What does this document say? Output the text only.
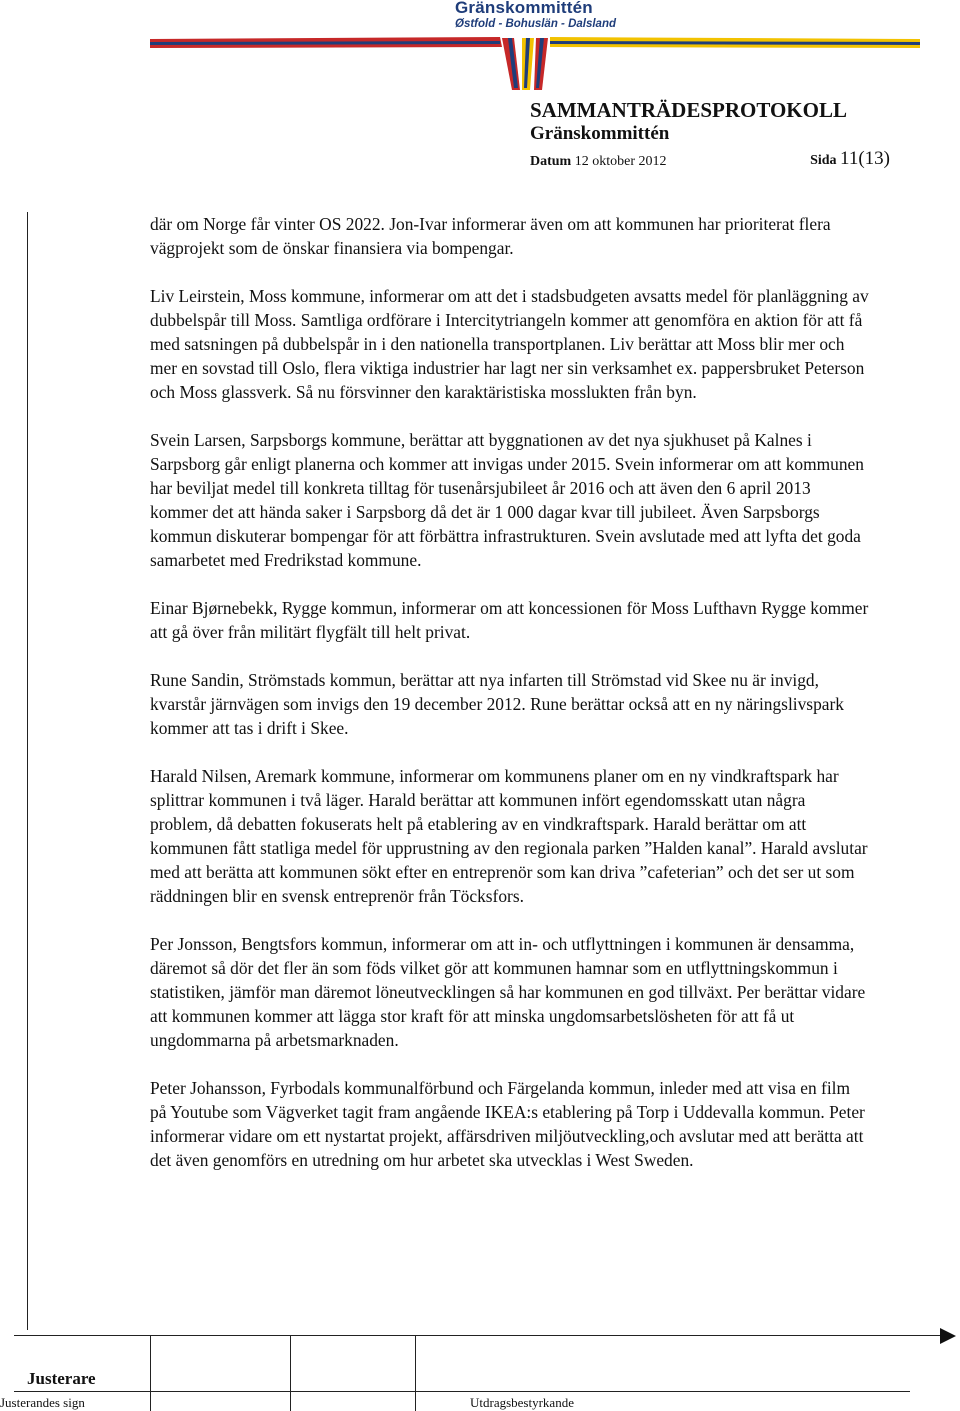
Gränskommittén
Østfold - Bohuslän - Dalsland
SAMMANTRÄDESPROTOKOLL
Gränskommittén
Datum 12 oktober 2012	Sida 11(13)

där om Norge får vinter OS 2022. Jon-Ivar informerar även om att kommunen har prioriterat flera vägprojekt som de önskar finansiera via bompengar.

Liv Leirstein, Moss kommune, informerar om att det i stadsbudgeten avsatts medel för planläggning av dubbelspår till Moss. Samtliga ordförare i Intercitytriangeln kommer att genomföra en aktion för att få med satsningen på dubbelspår in i den nationella transportplanen. Liv berättar att Moss blir mer och mer en sovstad till Oslo, flera viktiga industrier har lagt ner sin verksamhet ex. pappersbruket Peterson och Moss glassverk. Så nu försvinner den karaktäristiska mosslukten från byn.

Svein Larsen, Sarpsborgs kommune, berättar att byggnationen av det nya sjukhuset på Kalnes i Sarpsborg går enligt planerna och kommer att invigas under 2015. Svein informerar om att kommunen har beviljat medel till konkreta tilltag för tusenårsjubileet år 2016 och att även den 6 april 2013 kommer det att hända saker i Sarpsborg då det är 1 000 dagar kvar till jubileet. Även Sarpsborgs kommun diskuterar bompengar för att förbättra infrastrukturen. Svein avslutade med att lyfta det goda samarbetet med Fredrikstad kommune.

Einar Bjørnebekk, Rygge kommun, informerar om att koncessionen för Moss Lufthavn Rygge kommer att gå över från militärt flygfält till helt privat.

Rune Sandin, Strömstads kommun, berättar att nya infarten till Strömstad vid Skee nu är invigd, kvarstår järnvägen som invigs den 19 december 2012. Rune berättar också att en ny näringslivspark kommer att tas i drift i Skee.

Harald Nilsen, Aremark kommune, informerar om kommunens planer om en ny vindkraftspark har splittrar kommunen i två läger. Harald berättar att kommunen infört egendomsskatt utan några problem, då debatten fokuserats helt på etablering av en vindkraftspark. Harald berättar om att kommunen fått statliga medel för upprustning av den regionala parken ”Halden kanal”. Harald avslutar med att berätta att kommunen sökt efter en entreprenör som kan driva ”cafeterian” och det ser ut som räddningen blir en svensk entreprenör från Töcksfors.

Per Jonsson, Bengtsfors kommun, informerar om att in- och utflyttningen i kommunen är densamma, däremot så dör det fler än som föds vilket gör att kommunen hamnar som en utflyttningskommun i statistiken, jämför man däremot löneutvecklingen så har kommunen en god tillväxt. Per berättar vidare att kommunen kommer att lägga stor kraft för att minska ungdomsarbetslösheten för att få ut ungdommarna på arbetsmarknaden.

Peter Johansson, Fyrbodals kommunalförbund och Färgelanda kommun, inleder med att visa en film på Youtube som Vägverket tagit fram angående IKEA:s etablering på Torp i Uddevalla kommun. Peter informerar vidare om ett nystartat projekt, affärsdriven miljöutveckling,och avslutar med att berätta att det även genomförs en utredning om hur arbetet ska utvecklas i West Sweden.

Justerare
Justerandes sign	Utdragsbestyrkande
